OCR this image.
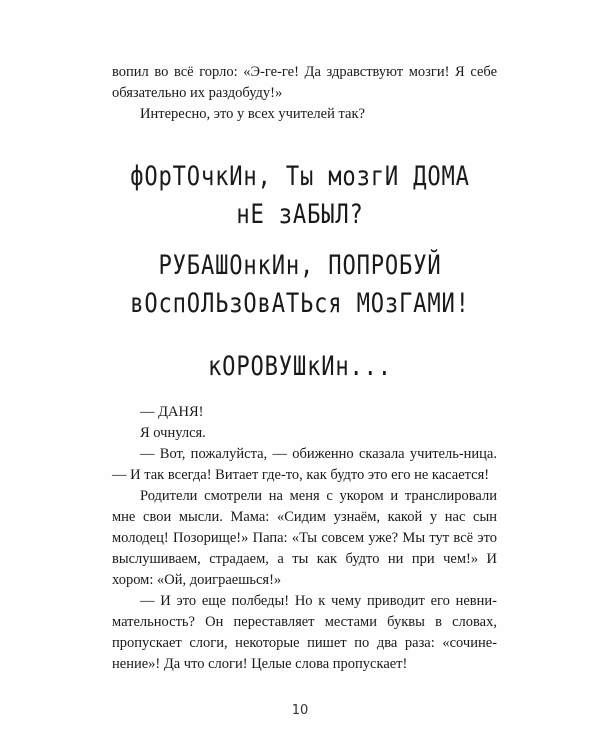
вопил во всё горло: «Э-ге-ге! Да здравствуют мозги! Я себе обязательно их раздобуду!»

Интересно, это у всех учителей так?

фОрТОчкИн, Ты мозгИ ДОМА
нЕ зАБЫЛ?
РУБАШОнкИн, ПОПРОБУЙ
вОспОЛЬзОвАТЬся МОзГАМИ!
кОРОВУШкИн...

— ДАНЯ!

Я очнулся.

— Вот, пожалуйста, — обиженно сказала учитель-ница. — И так всегда! Витает где-то, как будто это его не касается!

Родители смотрели на меня с укором и транслировали мне свои мысли. Мама: «Сидим узнаём, какой у нас сын молодец! Позорище!» Папа: «Ты совсем уже? Мы тут всё это выслушиваем, страдаем, а ты как будто ни при чем!» И хором: «Ой, доиграешься!»

— И это еще полбеды! Но к чему приводит его невни-мательность? Он переставляет местами буквы в словах, пропускает слоги, некоторые пишет по два раза: «сочине-нение»! Да что слоги! Целые слова пропускает!

10
